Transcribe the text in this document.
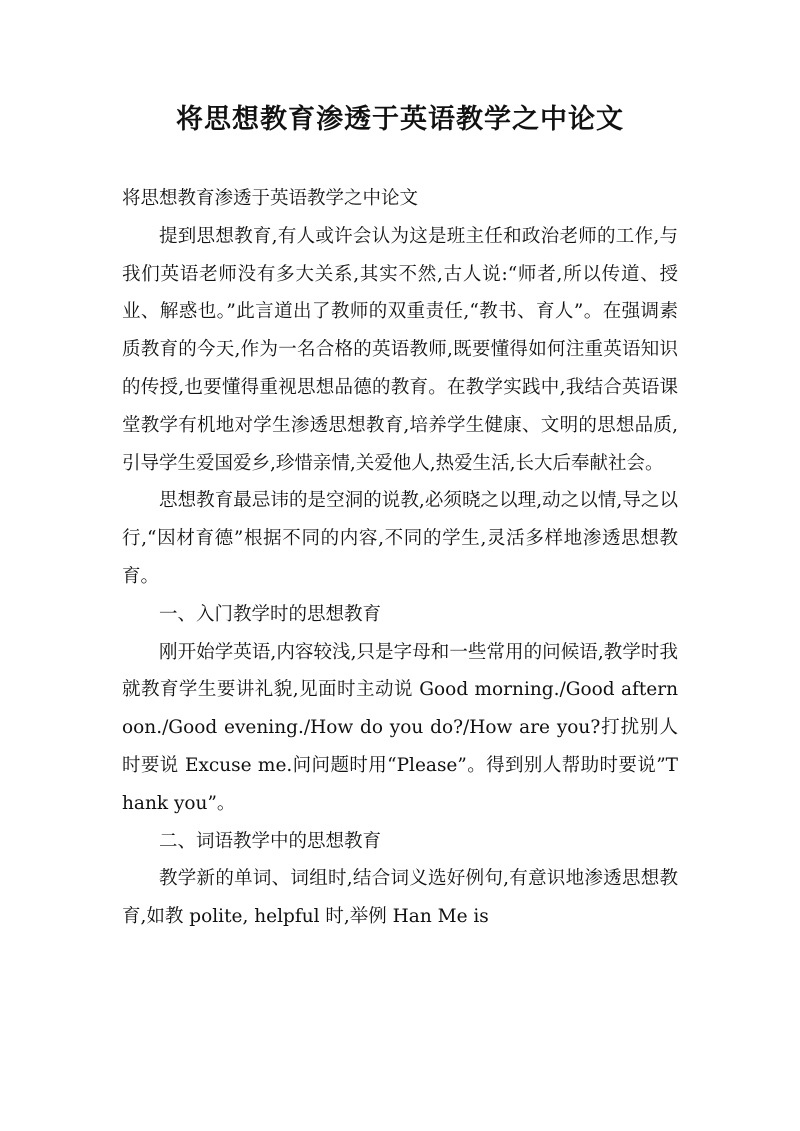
将思想教育渗透于英语教学之中论文

将思想教育渗透于英语教学之中论文

提到思想教育,有人或许会认为这是班主任和政治老师的工作,与我们英语老师没有多大关系,其实不然,古人说:“师者,所以传道、授业、解惑也。”此言道出了教师的双重责任,“教书、育人”。在强调素质教育的今天,作为一名合格的英语教师,既要懂得如何注重英语知识的传授,也要懂得重视思想品德的教育。在教学实践中,我结合英语课堂教学有机地对学生渗透思想教育,培养学生健康、文明的思想品质,引导学生爱国爱乡,珍惜亲情,关爱他人,热爱生活,长大后奉献社会。

思想教育最忌讳的是空洞的说教,必须晓之以理,动之以情,导之以行,“因材育德”根据不同的内容,不同的学生,灵活多样地渗透思想教育。

一、入门教学时的思想教育

刚开始学英语,内容较浅,只是字母和一些常用的问候语,教学时我就教育学生要讲礼貌,见面时主动说 Good morning./Good afternoon./Good evening./How do you do?/How are you?打扰别人时要说 Excuse me.问问题时用“Please”。得到别人帮助时要说”Thank you”。

二、词语教学中的思想教育

教学新的单词、词组时,结合词义选好例句,有意识地渗透思想教育,如教 polite, helpful 时,举例 Han Me is
